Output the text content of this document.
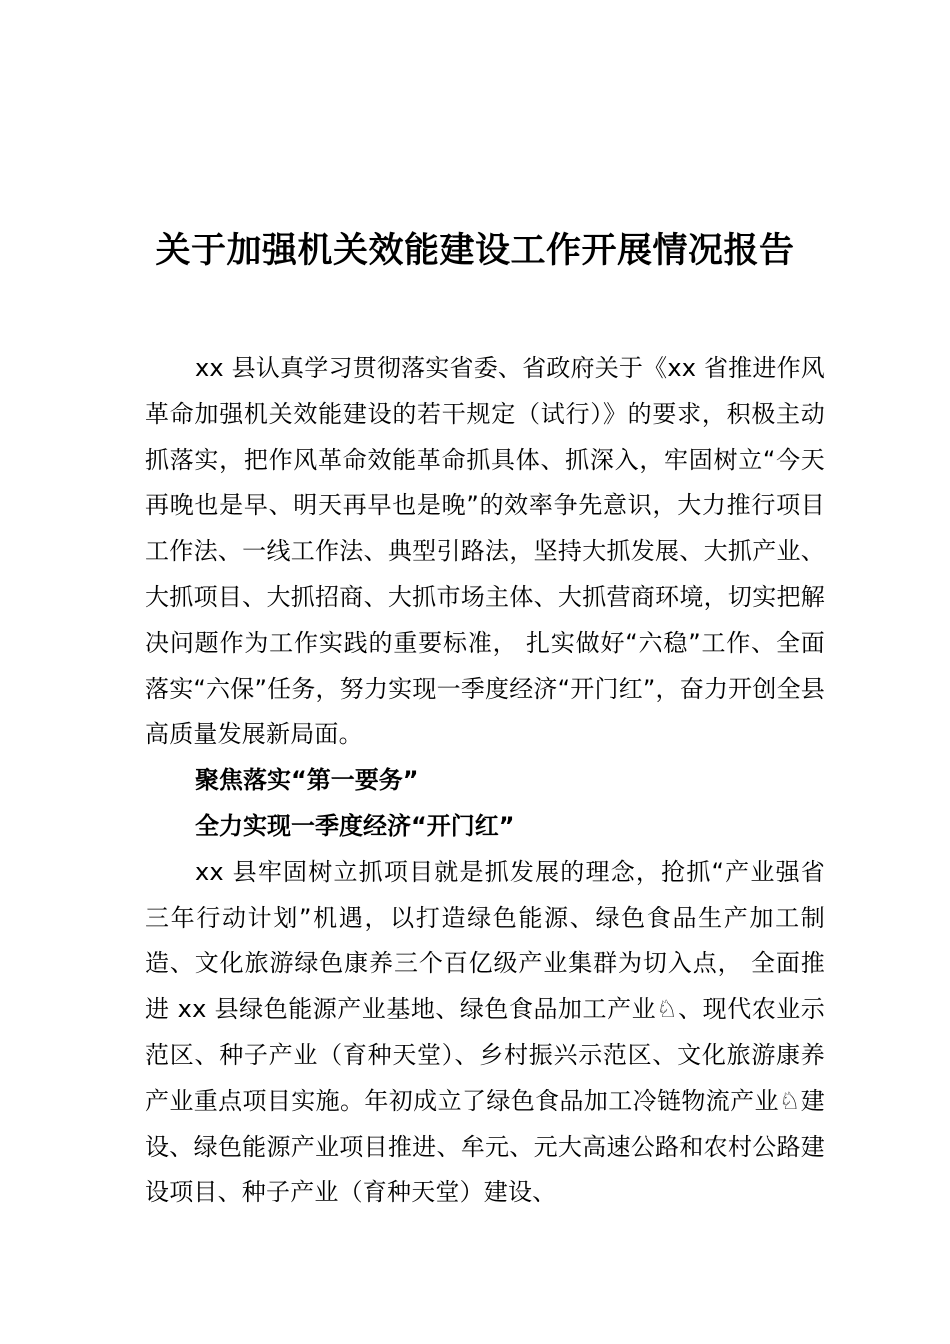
关于加强机关效能建设工作开展情况报告

xx 县认真学习贯彻落实省委、省政府关于《xx 省推进作风革命加强机关效能建设的若干规定（试行）》的要求，积极主动抓落实，把作风革命效能革命抓具体、抓深入，牢固树立“今天再晚也是早、明天再早也是晚”的效率争先意识，大力推行项目工作法、一线工作法、典型引路法，坚持大抓发展、大抓产业、大抓项目、大抓招商、大抓市场主体、大抓营商环境，切实把解决问题作为工作实践的重要标准， 扎实做好“六稳”工作、全面落实“六保”任务，努力实现一季度经济“开门红”，奋力开创全县高质量发展新局面。

聚焦落实“第一要务”

全力实现一季度经济“开门红”

xx 县牢固树立抓项目就是抓发展的理念，抢抓“产业强省三年行动计划”机遇，以打造绿色能源、绿色食品生产加工制造、文化旅游绿色康养三个百亿级产业集群为切入点， 全面推进 xx 县绿色能源产业基地、绿色食品加工产业♘、现代农业示范区、种子产业（育种天堂）、乡村振兴示范区、文化旅游康养产业重点项目实施。年初成立了绿色食品加工冷链物流产业♘建设、绿色能源产业项目推进、牟元、元大高速公路和农村公路建设项目、种子产业（育种天堂）建设、
